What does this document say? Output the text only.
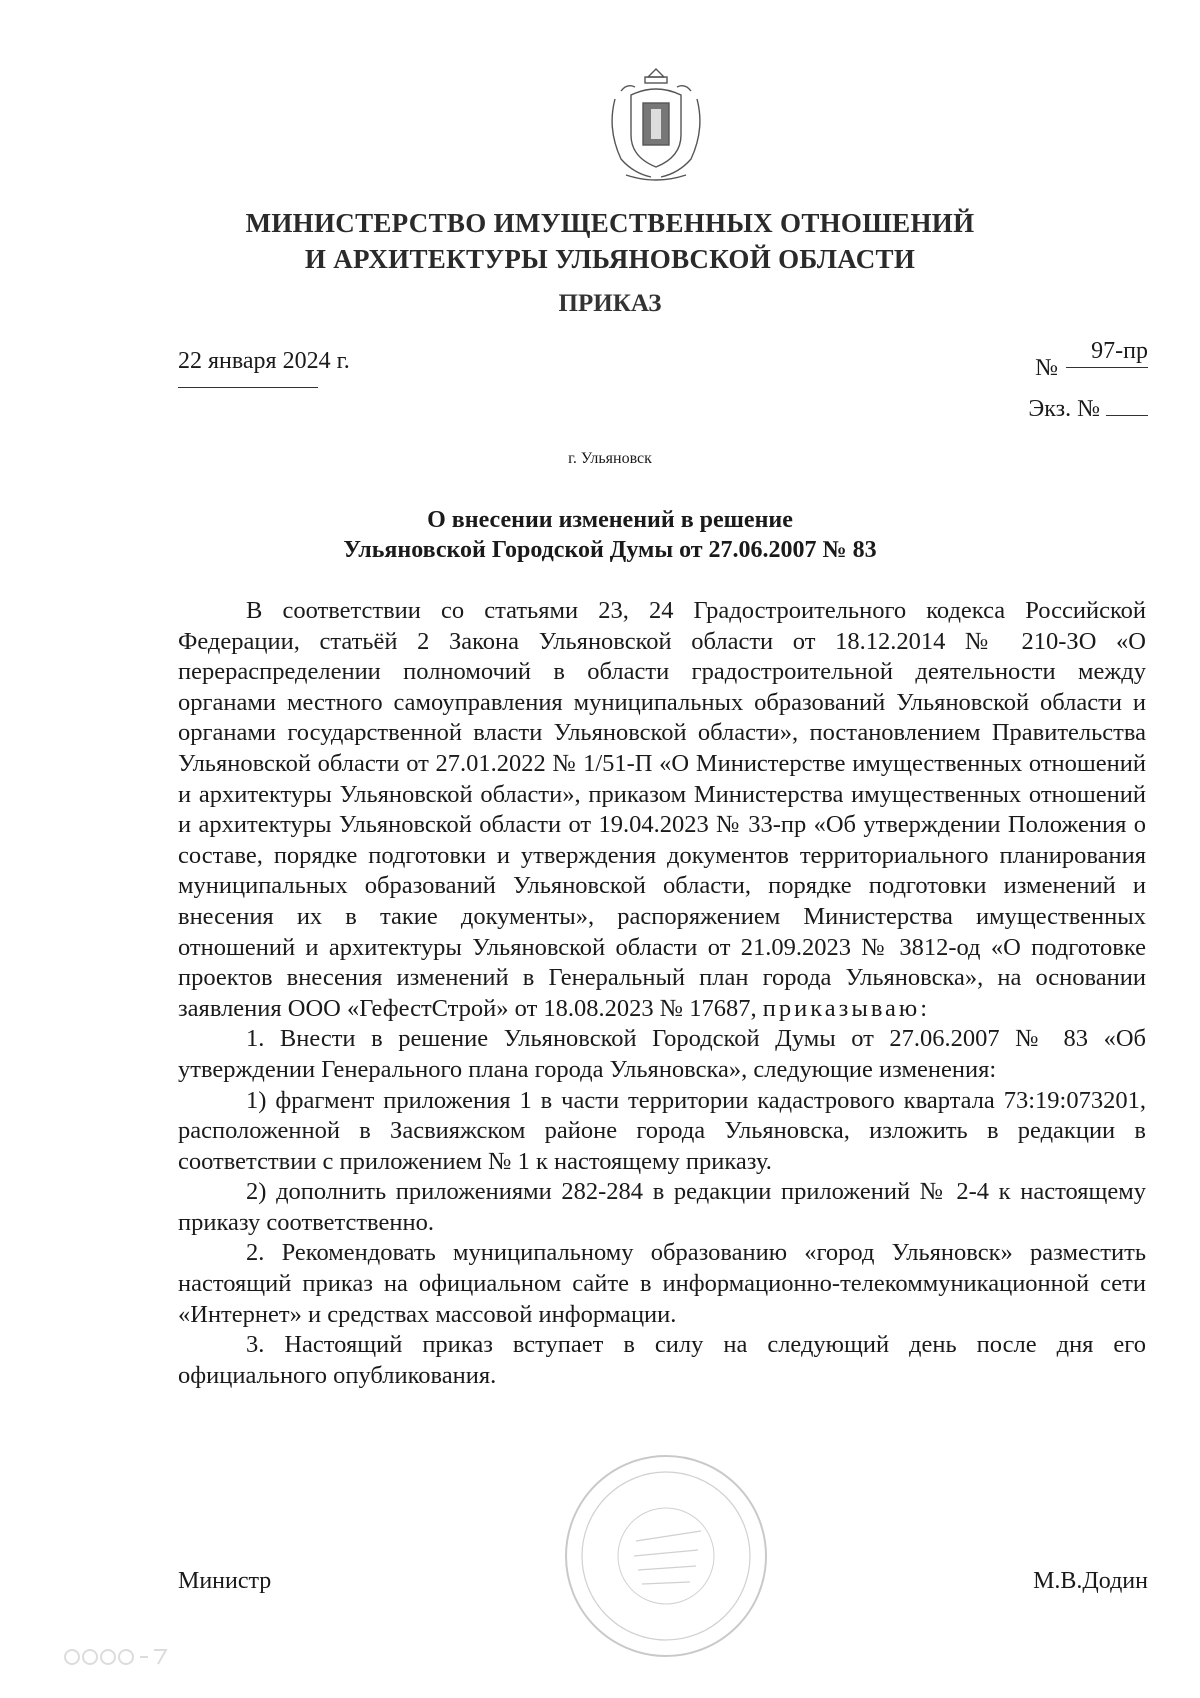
МИНИСТЕРСТВО ИМУЩЕСТВЕННЫХ ОТНОШЕНИЙ
И АРХИТЕКТУРЫ УЛЬЯНОВСКОЙ ОБЛАСТИ
ПРИКАЗ
22 января 2024 г.	№97-пр
Экз. №
г. Ульяновск
О внесении изменений в решение
Ульяновской Городской Думы от 27.06.2007 № 83

В соответствии со статьями 23, 24 Градостроительного кодекса Российской Федерации, статьёй 2 Закона Ульяновской области от 18.12.2014 № 210-ЗО «О перераспределении полномочий в области градостроительной деятельности между органами местного самоуправления муниципальных образований Ульяновской области и органами государственной власти Ульяновской области», постановлением Правительства Ульяновской области от 27.01.2022 № 1/51-П «О Министерстве имущественных отношений и архитектуры Ульяновской области», приказом Министерства имущественных отношений и архитектуры Ульяновской области от 19.04.2023 № 33-пр «Об утверждении Положения о составе, порядке подготовки и утверждения документов территориального планирования муниципальных образований Ульяновской области, порядке подготовки изменений и внесения их в такие документы», распоряжением Министерства имущественных отношений и архитектуры Ульяновской области от 21.09.2023 № 3812-од «О подготовке проектов внесения изменений в Генеральный план города Ульяновска», на основании заявления ООО «ГефестСтрой» от 18.08.2023 № 17687, приказываю:

1. Внести в решение Ульяновской Городской Думы от 27.06.2007 № 83 «Об утверждении Генерального плана города Ульяновска», следующие изменения:

1) фрагмент приложения 1 в части территории кадастрового квартала 73:19:073201, расположенной в Засвияжском районе города Ульяновска, изложить в редакции в соответствии с приложением № 1 к настоящему приказу.

2) дополнить приложениями 282-284 в редакции приложений № 2-4 к настоящему приказу соответственно.

2. Рекомендовать муниципальному образованию «город Ульяновск» разместить настоящий приказ на официальном сайте в информационно-телекоммуникационной сети «Интернет» и средствах массовой информации.

3. Настоящий приказ вступает в силу на следующий день после дня его официального опубликования.

Министр	М.В.Додин
